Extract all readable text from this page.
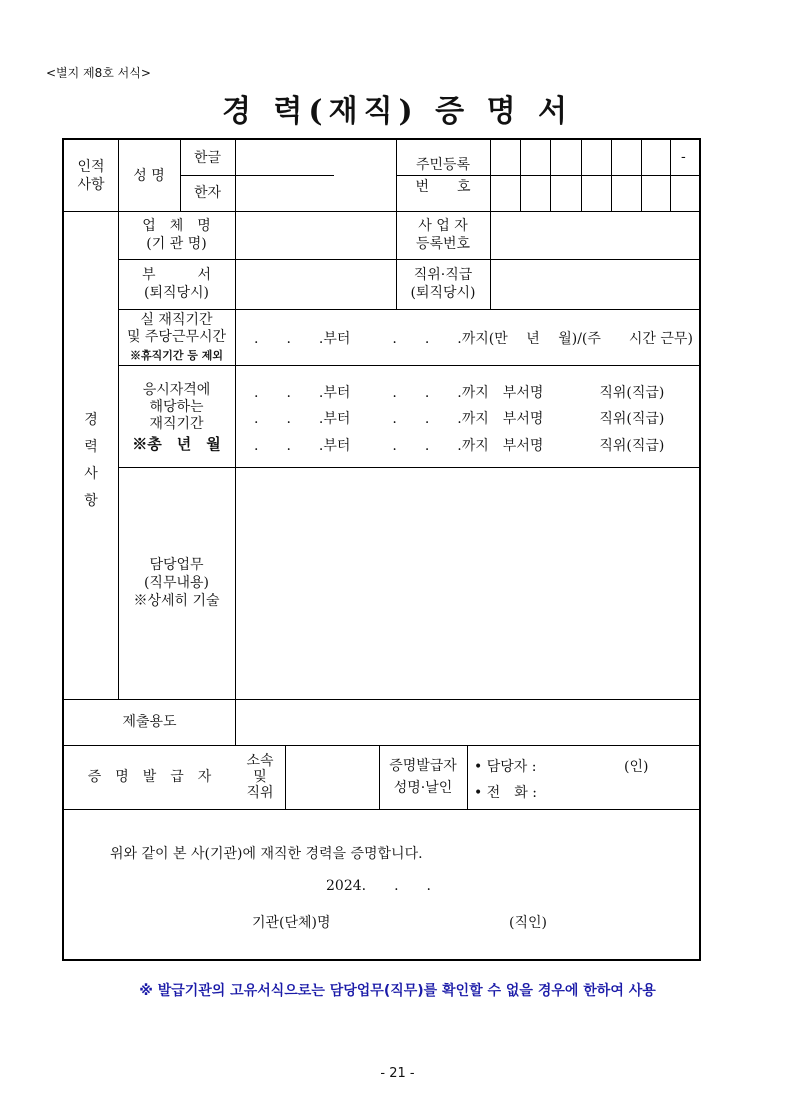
<별지 제8호 서식>
경 력(재직) 증 명 서
인적
사항
성 명
한글
한자
주민등록
번　　호
-
경
력
사
항
업　체　명
(기 관 명)
사 업 자
등록번호
부　　　서
(퇴직당시)
직위·직급
(퇴직당시)
실 재직기간
및 주당근무시간
※휴직기간 등 제외
.　　.　　.부터　　　.　　.　　.까지(만　 년　 월)/(주　　시간 근무)
응시자격에
해당하는
재직기간
※총　년　월
.　　.　　.부터　　　.　　.　　.까지　부서명　　　　직위(직급)
.　　.　　.부터　　　.　　.　　.까지　부서명　　　　직위(직급)
.　　.　　.부터　　　.　　.　　.까지　부서명　　　　직위(직급)
담당업무
(직무내용)
※상세히 기술
제출용도
증　명　발　급　자
소속
및
직위
증명발급자
성명·날인
• 담당자 :	(인)
• 전　화 :
위와 같이 본 사(기관)에 재직한 경력을 증명합니다.
2024.　　.　　.
기관(단체)명	(직인)
※ 발급기관의 고유서식으로는 담당업무(직무)를 확인할 수 없을 경우에 한하여 사용
- 21 -
